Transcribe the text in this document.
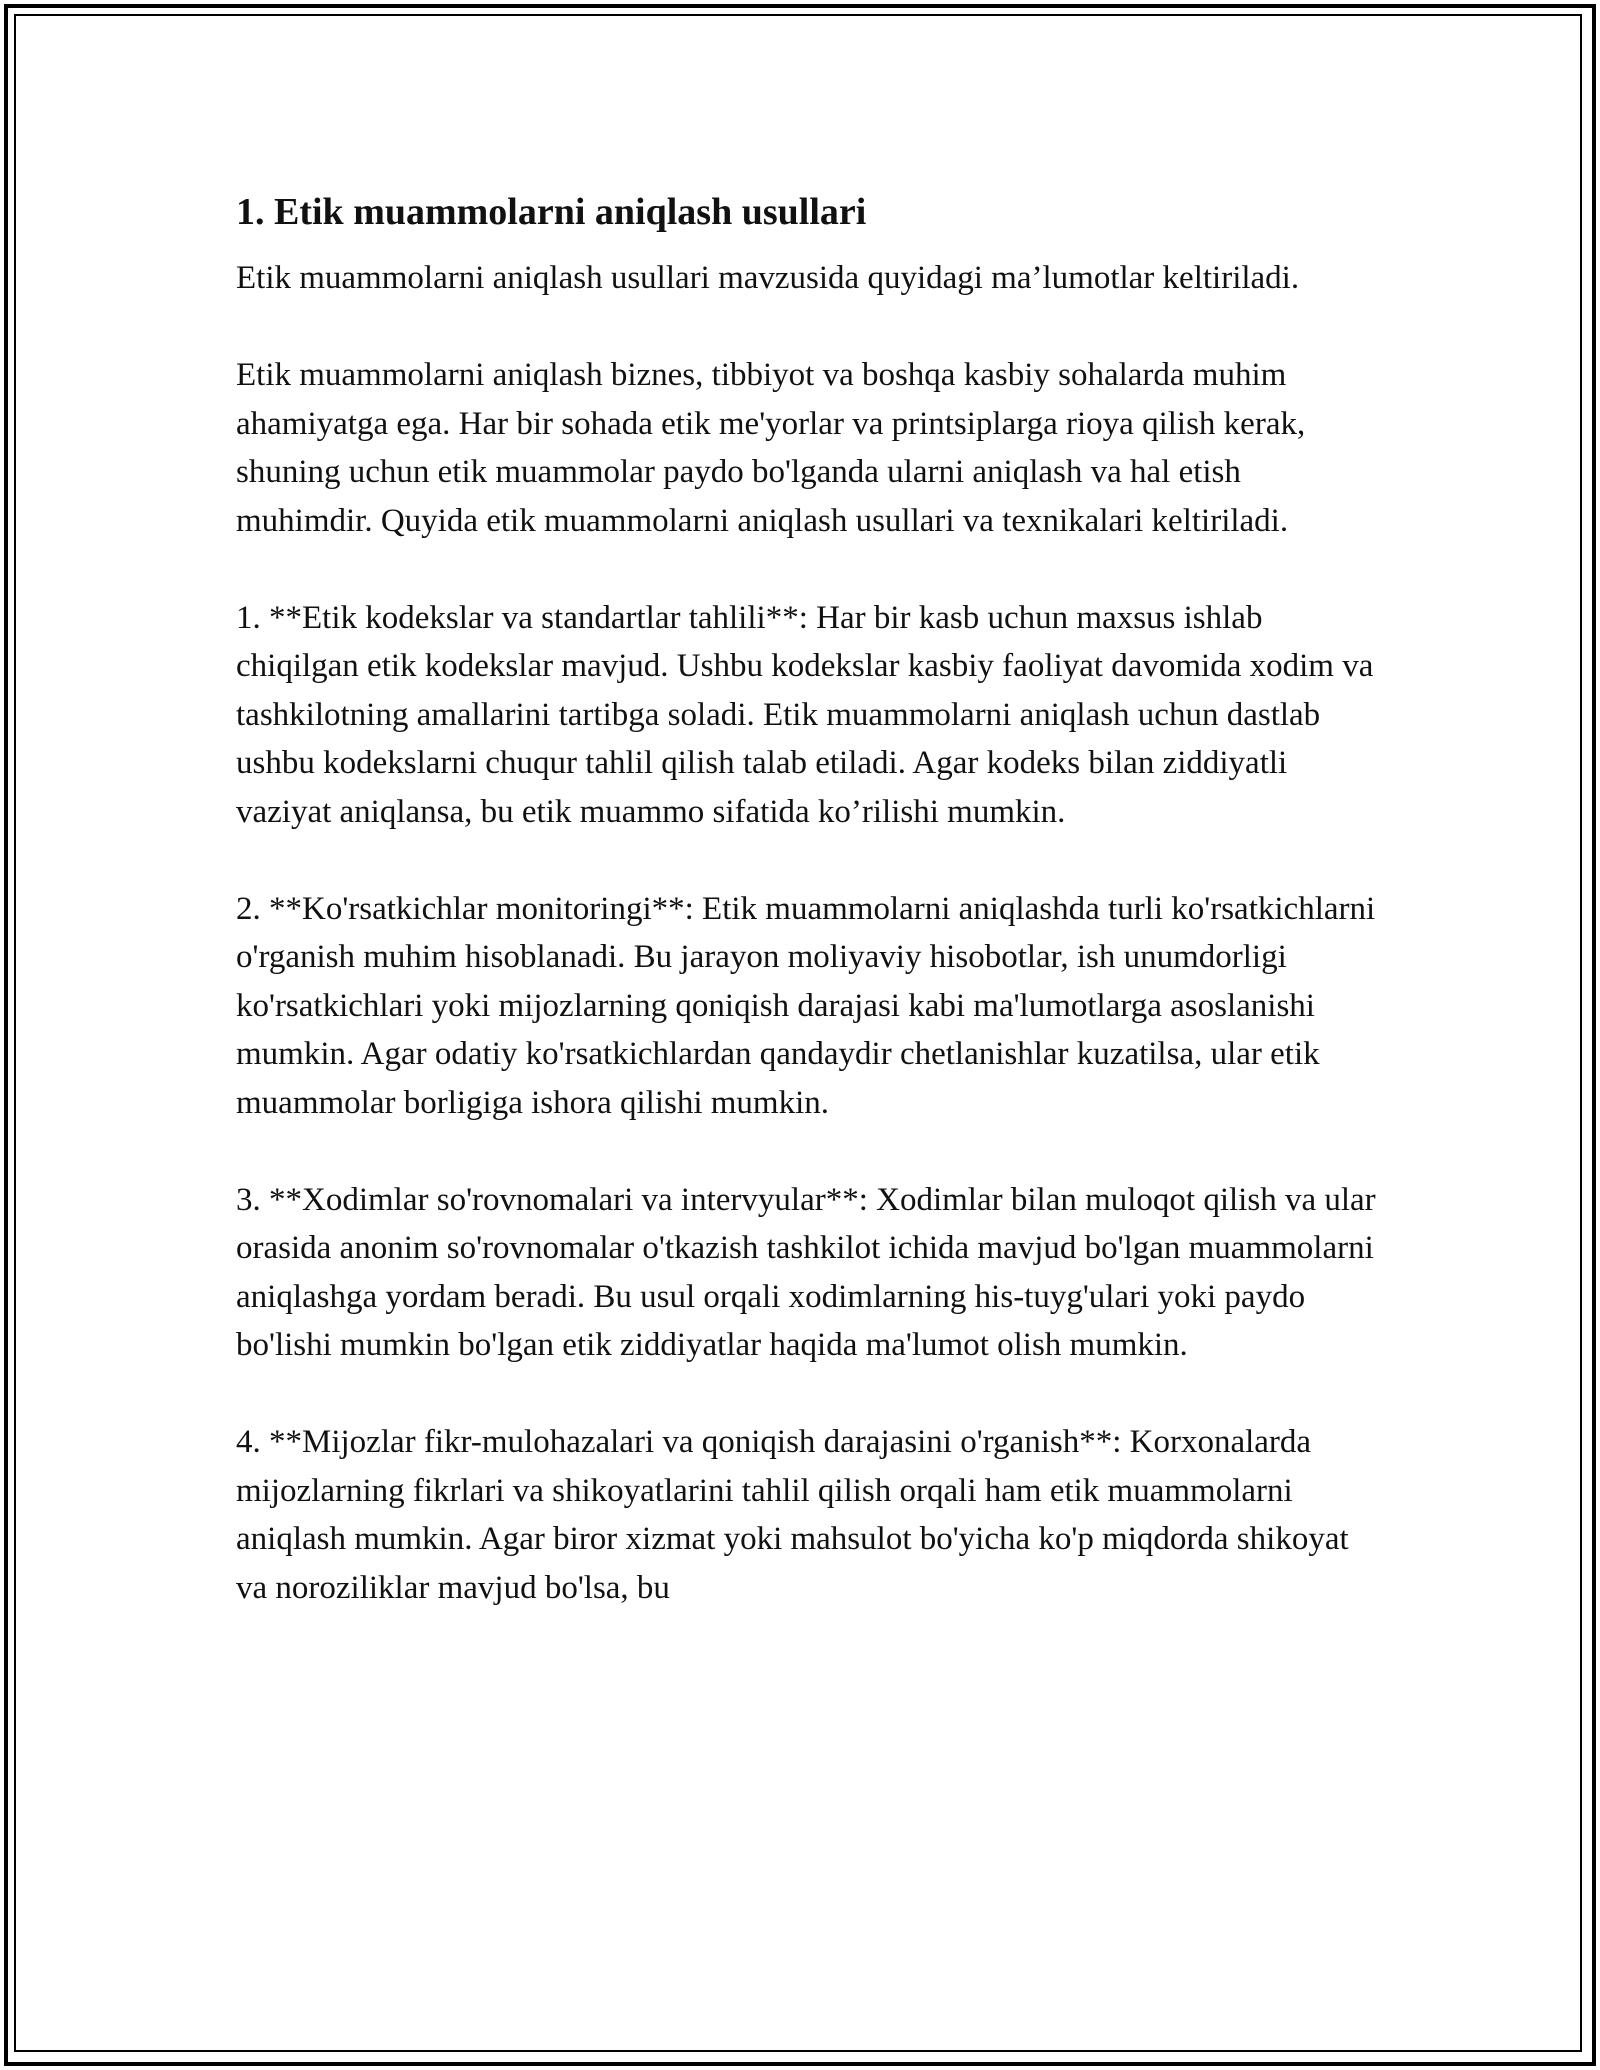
1. Etik muammolarni aniqlash usullari

Etik muammolarni aniqlash usullari mavzusida quyidagi ma’lumotlar keltiriladi.

Etik muammolarni aniqlash biznes, tibbiyot va boshqa kasbiy sohalarda muhim ahamiyatga ega. Har bir sohada etik me'yorlar va printsiplarga rioya qilish kerak, shuning uchun etik muammolar paydo bo'lganda ularni aniqlash va hal etish muhimdir. Quyida etik muammolarni aniqlash usullari va texnikalari keltiriladi.

1. **Etik kodekslar va standartlar tahlili**: Har bir kasb uchun maxsus ishlab chiqilgan etik kodekslar mavjud. Ushbu kodekslar kasbiy faoliyat davomida xodim va tashkilotning amallarini tartibga soladi. Etik muammolarni aniqlash uchun dastlab ushbu kodekslarni chuqur tahlil qilish talab etiladi. Agar kodeks bilan ziddiyatli vaziyat aniqlansa, bu etik muammo sifatida ko’rilishi mumkin.

2. **Ko'rsatkichlar monitoringi**: Etik muammolarni aniqlashda turli ko'rsatkichlarni o'rganish muhim hisoblanadi. Bu jarayon moliyaviy hisobotlar, ish unumdorligi ko'rsatkichlari yoki mijozlarning qoniqish darajasi kabi ma'lumotlarga asoslanishi mumkin. Agar odatiy ko'rsatkichlardan qandaydir chetlanishlar kuzatilsa, ular etik muammolar borligiga ishora qilishi mumkin.

3. **Xodimlar so'rovnomalari va intervyular**: Xodimlar bilan muloqot qilish va ular orasida anonim so'rovnomalar o'tkazish tashkilot ichida mavjud bo'lgan muammolarni aniqlashga yordam beradi. Bu usul orqali xodimlarning his-tuyg'ulari yoki paydo bo'lishi mumkin bo'lgan etik ziddiyatlar haqida ma'lumot olish mumkin.

4. **Mijozlar fikr-mulohazalari va qoniqish darajasini o'rganish**: Korxonalarda mijozlarning fikrlari va shikoyatlarini tahlil qilish orqali ham etik muammolarni aniqlash mumkin. Agar biror xizmat yoki mahsulot bo'yicha ko'p miqdorda shikoyat va noroziliklar mavjud bo'lsa, bu
